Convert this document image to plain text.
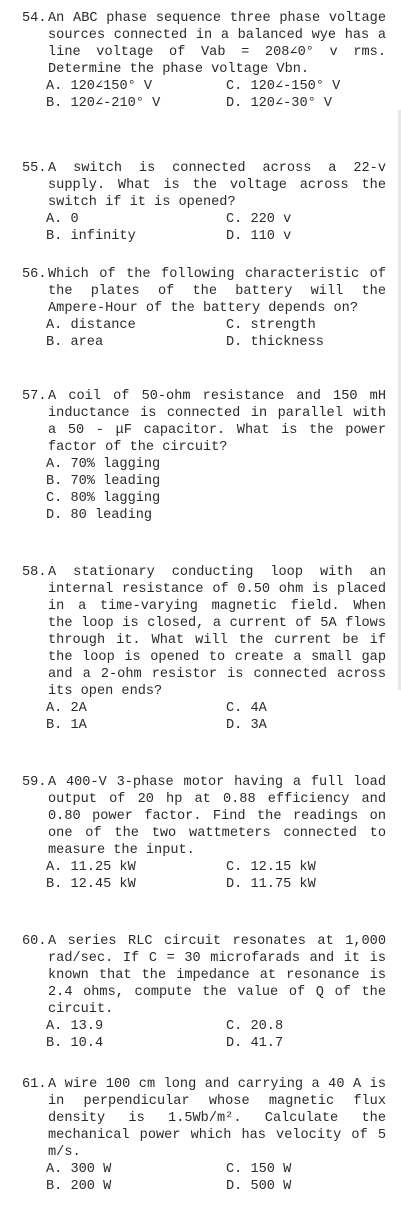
54. An ABC phase sequence three phase voltage sources connected in a balanced wye has a line voltage of Vab = 208∠0° v rms. Determine the phase voltage Vbn.
A. 120∠150° V	C. 120∠-150° V
B. 120∠-210° V	D. 120∠-30° V
55. A switch is connected across a 22-v supply. What is the voltage across the switch if it is opened?
A. 0	C. 220 v
B. infinity	D. 110 v
56. Which of the following characteristic of the plates of the battery will the Ampere-Hour of the battery depends on?
A. distance	C. strength
B. area	D. thickness
57. A coil of 50-ohm resistance and 150 mH inductance is connected in parallel with a 50 - μF capacitor. What is the power factor of the circuit?
A. 70% lagging
B. 70% leading
C. 80% lagging
D. 80 leading
58. A stationary conducting loop with an internal resistance of 0.50 ohm is placed in a time-varying magnetic field. When the loop is closed, a current of 5A flows through it. What will the current be if the loop is opened to create a small gap and a 2-ohm resistor is connected across its open ends?
A. 2A	C. 4A
B. 1A	D. 3A
59. A 400-V 3-phase motor having a full load output of 20 hp at 0.88 efficiency and 0.80 power factor. Find the readings on one of the two wattmeters connected to measure the input.
A. 11.25 kW	C. 12.15 kW
B. 12.45 kW	D. 11.75 kW
60. A series RLC circuit resonates at 1,000 rad/sec. If C = 30 microfarads and it is known that the impedance at resonance is 2.4 ohms, compute the value of Q of the circuit.
A. 13.9	C. 20.8
B. 10.4	D. 41.7
61. A wire 100 cm long and carrying a 40 A is in perpendicular whose magnetic flux density is 1.5Wb/m². Calculate the mechanical power which has velocity of 5 m/s.
A. 300 W	C. 150 W
B. 200 W	D. 500 W
